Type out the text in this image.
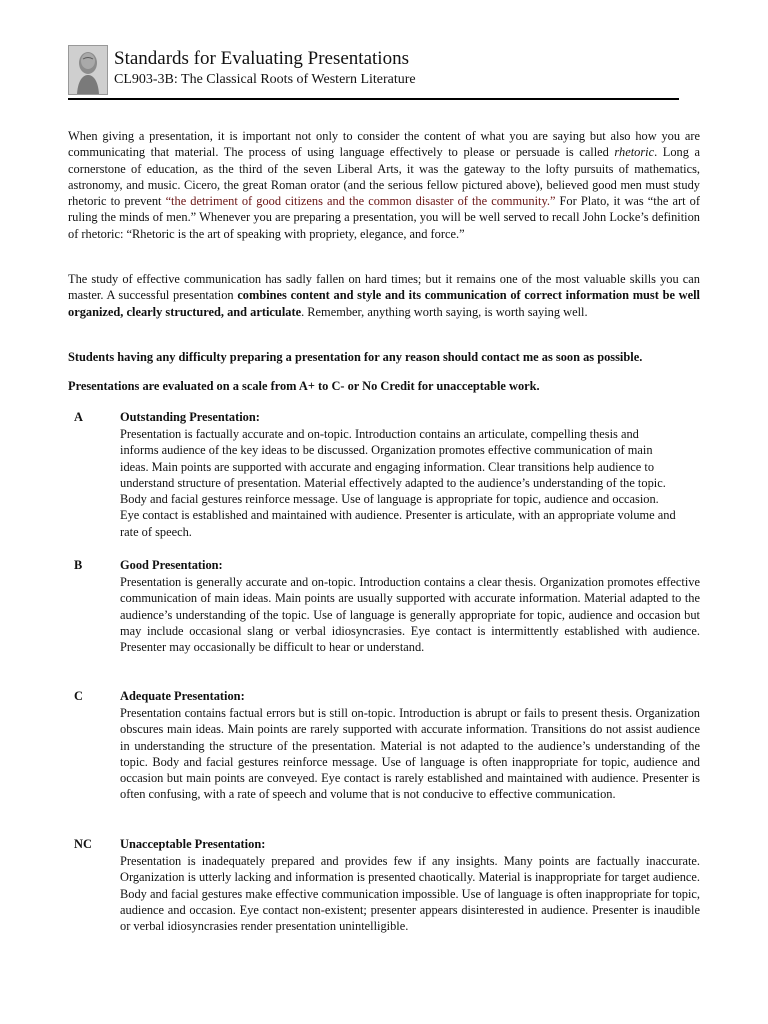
Standards for Evaluating Presentations
CL903-3B: The Classical Roots of Western Literature

When giving a presentation, it is important not only to consider the content of what you are saying but also how you are communicating that material. The process of using language effectively to please or persuade is called rhetoric. Long a cornerstone of education, as the third of the seven Liberal Arts, it was the gateway to the lofty pursuits of mathematics, astronomy, and music. Cicero, the great Roman orator (and the serious fellow pictured above), believed good men must study rhetoric to prevent “the detriment of good citizens and the common disaster of the community.” For Plato, it was “the art of ruling the minds of men.” Whenever you are preparing a presentation, you will be well served to recall John Locke’s definition of rhetoric: “Rhetoric is the art of speaking with propriety, elegance, and force.”

The study of effective communication has sadly fallen on hard times; but it remains one of the most valuable skills you can master. A successful presentation combines content and style and its communication of correct information must be well organized, clearly structured, and articulate. Remember, anything worth saying, is worth saying well.

Students having any difficulty preparing a presentation for any reason should contact me as soon as possible.

Presentations are evaluated on a scale from A+ to C- or No Credit for unacceptable work.

A	Outstanding Presentation:

Presentation is factually accurate and on-topic. Introduction contains an articulate, compelling thesis and informs audience of the key ideas to be discussed. Organization promotes effective communication of main ideas. Main points are supported with accurate and engaging information. Clear transitions help audience to understand structure of presentation. Material effectively adapted to the audience’s understanding of the topic. Body and facial gestures reinforce message. Use of language is appropriate for topic, audience and occasion. Eye contact is established and maintained with audience. Presenter is articulate, with an appropriate volume and rate of speech.

B	Good Presentation:

Presentation is generally accurate and on-topic. Introduction contains a clear thesis. Organization promotes effective communication of main ideas. Main points are usually supported with accurate information. Material adapted to the audience’s understanding of the topic. Use of language is generally appropriate for topic, audience and occasion but may include occasional slang or verbal idiosyncrasies. Eye contact is intermittently established with audience. Presenter may occasionally be difficult to hear or understand.

C	Adequate Presentation:

Presentation contains factual errors but is still on-topic. Introduction is abrupt or fails to present thesis. Organization obscures main ideas. Main points are rarely supported with accurate information. Transitions do not assist audience in understanding the structure of the presentation. Material is not adapted to the audience’s understanding of the topic. Body and facial gestures reinforce message. Use of language is often inappropriate for topic, audience and occasion but main points are conveyed. Eye contact is rarely established and maintained with audience. Presenter is often confusing, with a rate of speech and volume that is not conducive to effective communication.

NC	Unacceptable Presentation:

Presentation is inadequately prepared and provides few if any insights. Many points are factually inaccurate. Organization is utterly lacking and information is presented chaotically. Material is inappropriate for target audience. Body and facial gestures make effective communication impossible. Use of language is often inappropriate for topic, audience and occasion. Eye contact non-existent; presenter appears disinterested in audience. Presenter is inaudible or verbal idiosyncrasies render presentation unintelligible.
